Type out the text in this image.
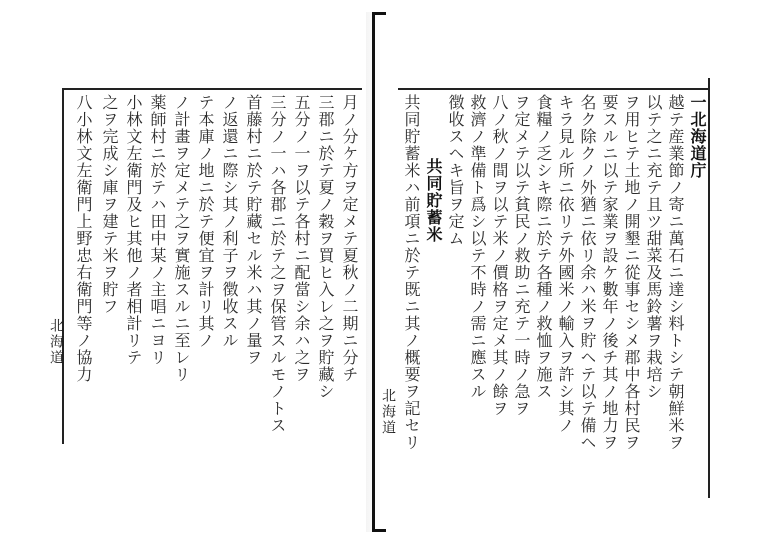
月ノ分ケ方ヲ定メテ夏秋ノ二期ニ分チ
三郡ニ於テ夏ノ穀ヲ買ヒ入レ之ヲ貯藏シ
五分ノ一ヲ以テ各村ニ配當シ余ハ之ヲ
三分ノ一ハ各郡ニ於テ之ヲ保管スルモノトス
首藤村ニ於テ貯藏セル米ハ其ノ量ヲ
ノ返還ニ際シ其ノ利子ヲ徴收スル
テ本庫ノ地ニ於テ便宜ヲ計リ其ノ
ノ計畫ヲ定メテ之ヲ實施スルニ至レリ
薬師村ニ於テハ田中某ノ主唱ニヨリ
小林文左衛門及ヒ其他ノ者相計リテ
之ヲ完成シ庫ヲ建テ米ヲ貯フ
八小林文左衛門上野忠右衛門等ノ協力
北海道
一北海道庁
越テ産業節ノ寄ニ萬石ニ達シ料トシテ朝鮮米ヲ
以テ之ニ充テ且ツ甜菜及馬鈴薯ヲ栽培シ
ヲ用ヒテ土地ノ開墾ニ從事セシメ郡中各村民ヲ
要スルニ以テ家業ヲ設ケ數年ノ後チ其ノ地力ヲ
名ク除クノ外猶ニ依リ余ハ米ヲ貯ヘテ以テ備ヘ
キラ見ル所ニ依リテ外國米ノ輸入ヲ許シ其ノ
食糧ノ乏シキ際ニ於テ各種ノ救恤ヲ施ス
ヲ定メテ以テ貧民ノ救助ニ充テ一時ノ急ヲ
八ノ秋ノ間ヲ以テ米ノ價格ヲ定メ其ノ餘ヲ
救濟ノ準備ト爲シ以テ不時ノ需ニ應スル
徴收スヘキ旨ヲ定ム
共同貯蓄米
共同貯蓄米ハ前項ニ於テ既ニ其ノ概要ヲ記セリ
北海道
